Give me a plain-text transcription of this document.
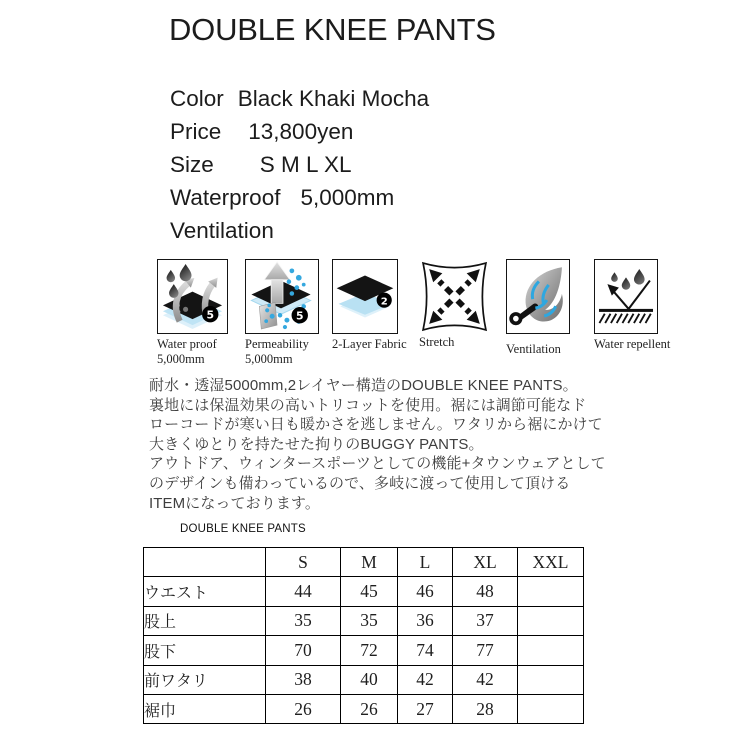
DOUBLE KNEE PANTS
Color Black Khaki Mocha
Price 13,800yen
Size S M L XL
Waterproof 5,000mm
Ventilation
5
Water proof
5,000mm
5
Permeability
5,000mm
2
2-Layer Fabric Stretch	Ventilation	Water repellent
耐水・透湿5000mm,2レイヤー構造のDOUBLE KNEE PANTS。
裏地には保温効果の高いトリコットを使用。裾には調節可能なド
ローコードが寒い日も暖かさを逃しません。ワタリから裾にかけて
大きくゆとりを持たせた拘りのBUGGY PANTS。
アウトドア、ウィンタースポーツとしての機能+タウンウェアとして
のデザインも備わっているので、多岐に渡って使用して頂ける
ITEMになっております。
DOUBLE KNEE PANTS
	S	M	L	XL	XXL
ウエスト	44	45	46	48	
股上	35	35	36	37	
股下	70	72	74	77	
前ワタリ	38	40	42	42	
裾巾	26	26	27	28	
